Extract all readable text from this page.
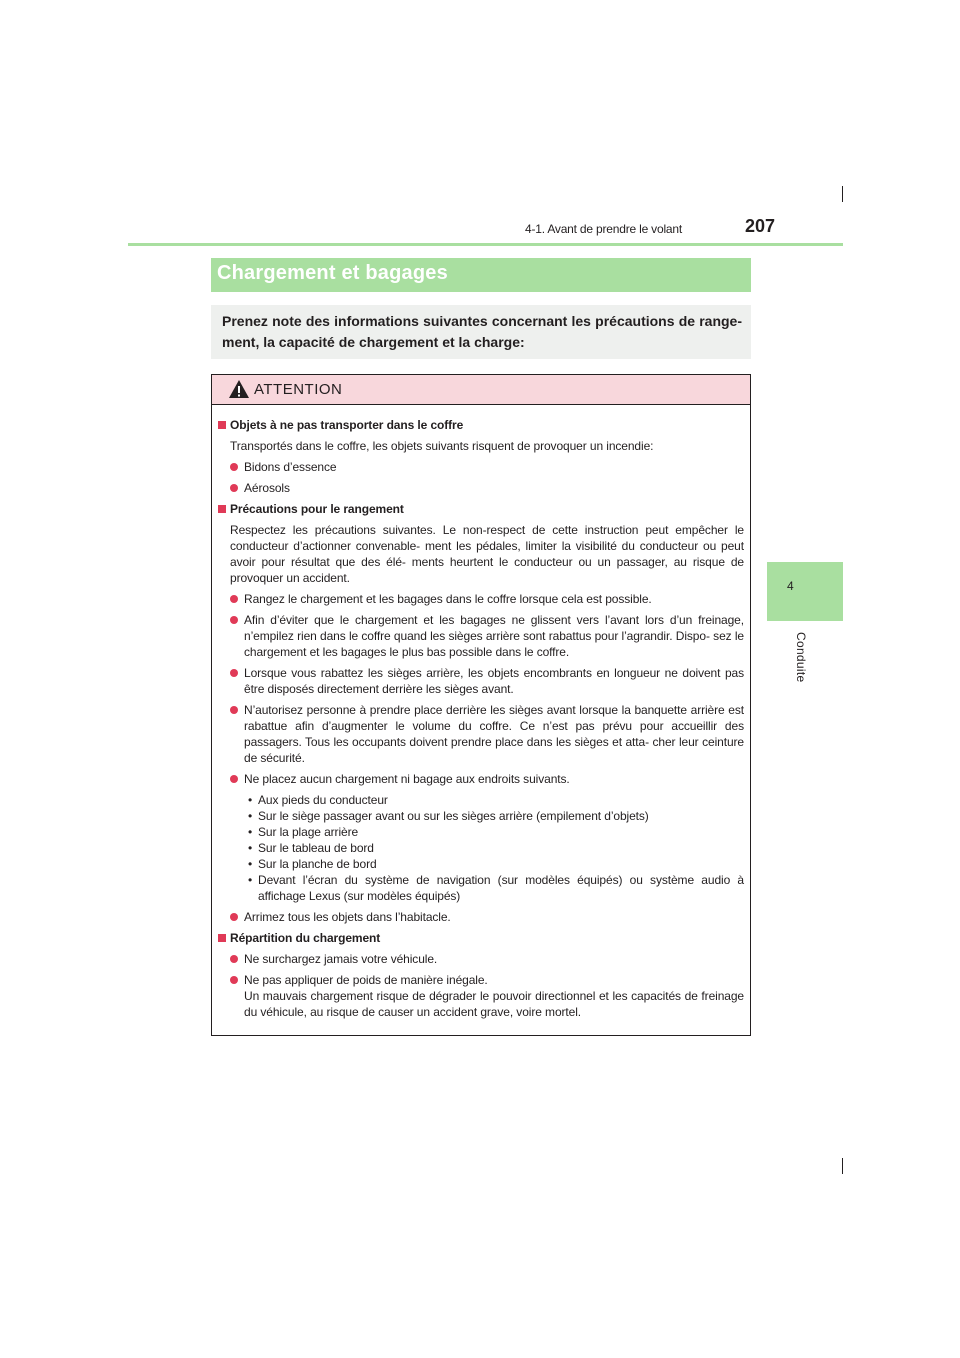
4-1. Avant de prendre le volant	207
4
Conduite
Chargement et bagages
Prenez note des informations suivantes concernant les précautions de range- ment, la capacité de chargement et la charge:
ATTENTION
Objets à ne pas transporter dans le coffre
Transportés dans le coffre, les objets suivants risquent de provoquer un incendie:
Bidons d’essence
Aérosols
Précautions pour le rangement
Respectez les précautions suivantes. Le non-respect de cette instruction peut empêcher le conducteur d’actionner convenable- ment les pédales, limiter la visibilité du conducteur ou peut avoir pour résultat que des élé- ments heurtent le conducteur ou un passager, au risque de provoquer un accident.
Rangez le chargement et les bagages dans le coffre lorsque cela est possible.
Afin d’éviter que le chargement et les bagages ne glissent vers l’avant lors d’un freinage, n’empilez rien dans le coffre quand les sièges arrière sont rabattus pour l’agrandir. Dispo- sez le chargement et les bagages le plus bas possible dans le coffre.
Lorsque vous rabattez les sièges arrière, les objets encombrants en longueur ne doivent pas être disposés directement derrière les sièges avant.
N’autorisez personne à prendre place derrière les sièges avant lorsque la banquette arrière est rabattue afin d’augmenter le volume du coffre. Ce n’est pas prévu pour accueillir des passagers. Tous les occupants doivent prendre place dans les sièges et atta- cher leur ceinture de sécurité.
Ne placez aucun chargement ni bagage aux endroits suivants.
• Aux pieds du conducteur
• Sur le siège passager avant ou sur les sièges arrière (empilement d’objets)
• Sur la plage arrière
• Sur le tableau de bord
• Sur la planche de bord
• Devant l’écran du système de navigation (sur modèles équipés) ou système audio à affichage Lexus (sur modèles équipés)
Arrimez tous les objets dans l’habitacle.
Répartition du chargement
Ne surchargez jamais votre véhicule.
Ne pas appliquer de poids de manière inégale.
Un mauvais chargement risque de dégrader le pouvoir directionnel et les capacités de freinage du véhicule, au risque de causer un accident grave, voire mortel.
